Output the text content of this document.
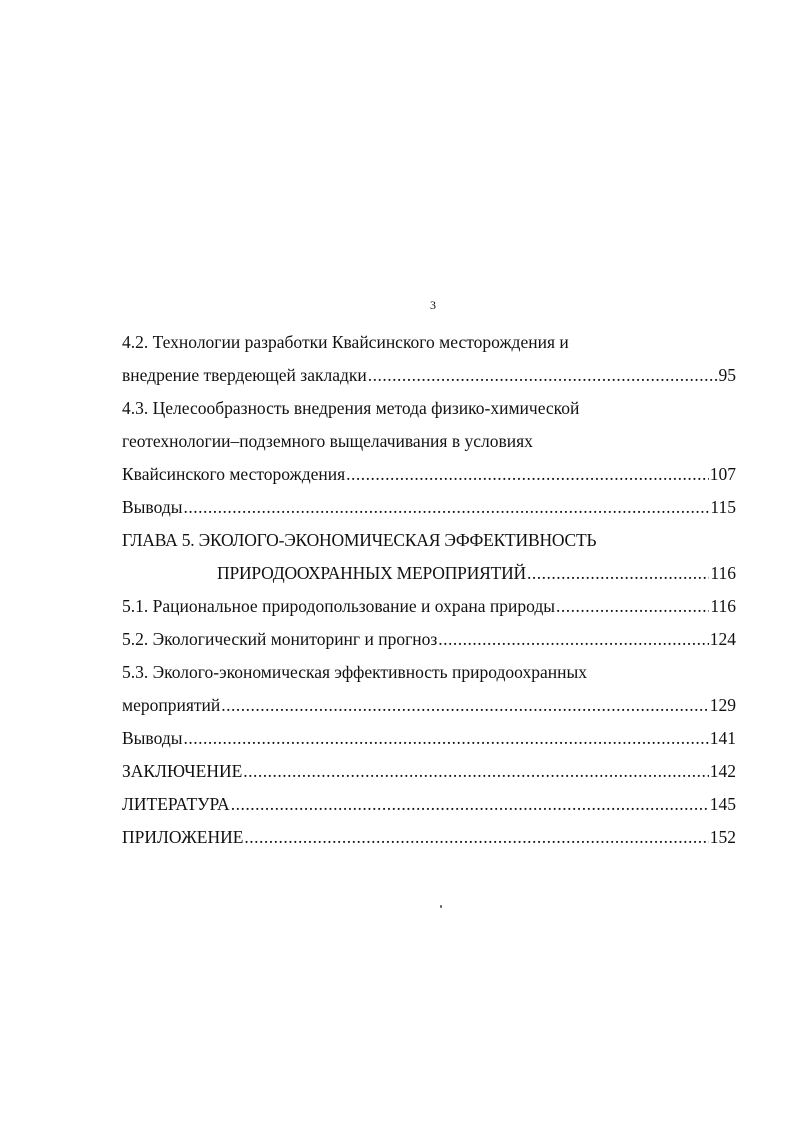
3
4.2. Технологии разработки Квайсинского месторождения и
внедрение твердеющей закладки .....	95
4.3. Целесообразность внедрения метода физико-химической
геотехнологии–подземного выщелачивания в условиях
Квайсинского месторождения .....	107
Выводы .....	115
ГЛАВА 5. ЭКОЛОГО-ЭКОНОМИЧЕСКАЯ ЭФФЕКТИВНОСТЬ
ПРИРОДООХРАННЫХ МЕРОПРИЯТИЙ .....	116
5.1. Рациональное природопользование и охрана природы .....	116
5.2. Экологический мониторинг и прогноз .....	124
5.3. Эколого-экономическая эффективность природоохранных
мероприятий .....	129
Выводы .....	141
ЗАКЛЮЧЕНИЕ .....	142
ЛИТЕРАТУРА .....	145
ПРИЛОЖЕНИЕ .....	152
